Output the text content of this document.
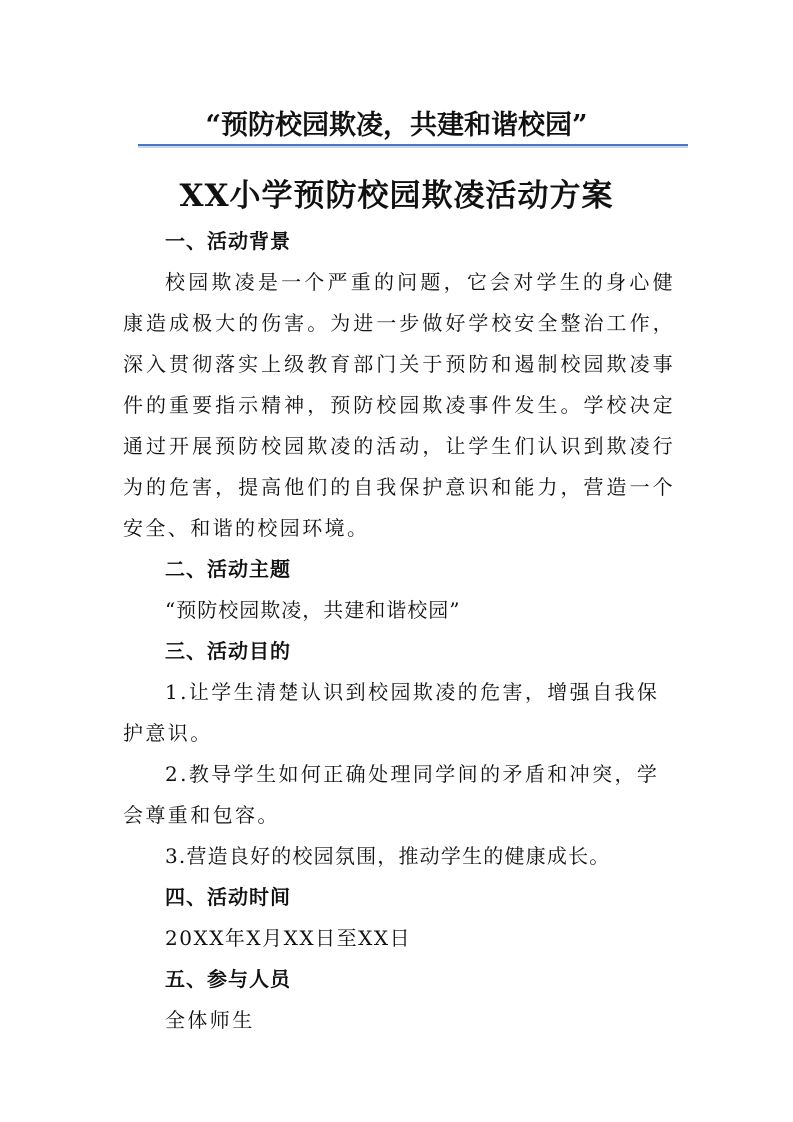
“预防校园欺凌，共建和谐校园”
XX小学预防校园欺凌活动方案
一、活动背景

校园欺凌是一个严重的问题，它会对学生的身心健康造成极大的伤害。为进一步做好学校安全整治工作，深入贯彻落实上级教育部门关于预防和遏制校园欺凌事件的重要指示精神，预防校园欺凌事件发生。学校决定通过开展预防校园欺凌的活动，让学生们认识到欺凌行为的危害，提高他们的自我保护意识和能力，营造一个安全、和谐的校园环境。

二、活动主题

“预防校园欺凌，共建和谐校园”

三、活动目的

1.让学生清楚认识到校园欺凌的危害，增强自我保护意识。

2.教导学生如何正确处理同学间的矛盾和冲突，学会尊重和包容。

3.营造良好的校园氛围，推动学生的健康成长。

四、活动时间

20XX年X月XX日至XX日

五、参与人员

全体师生
